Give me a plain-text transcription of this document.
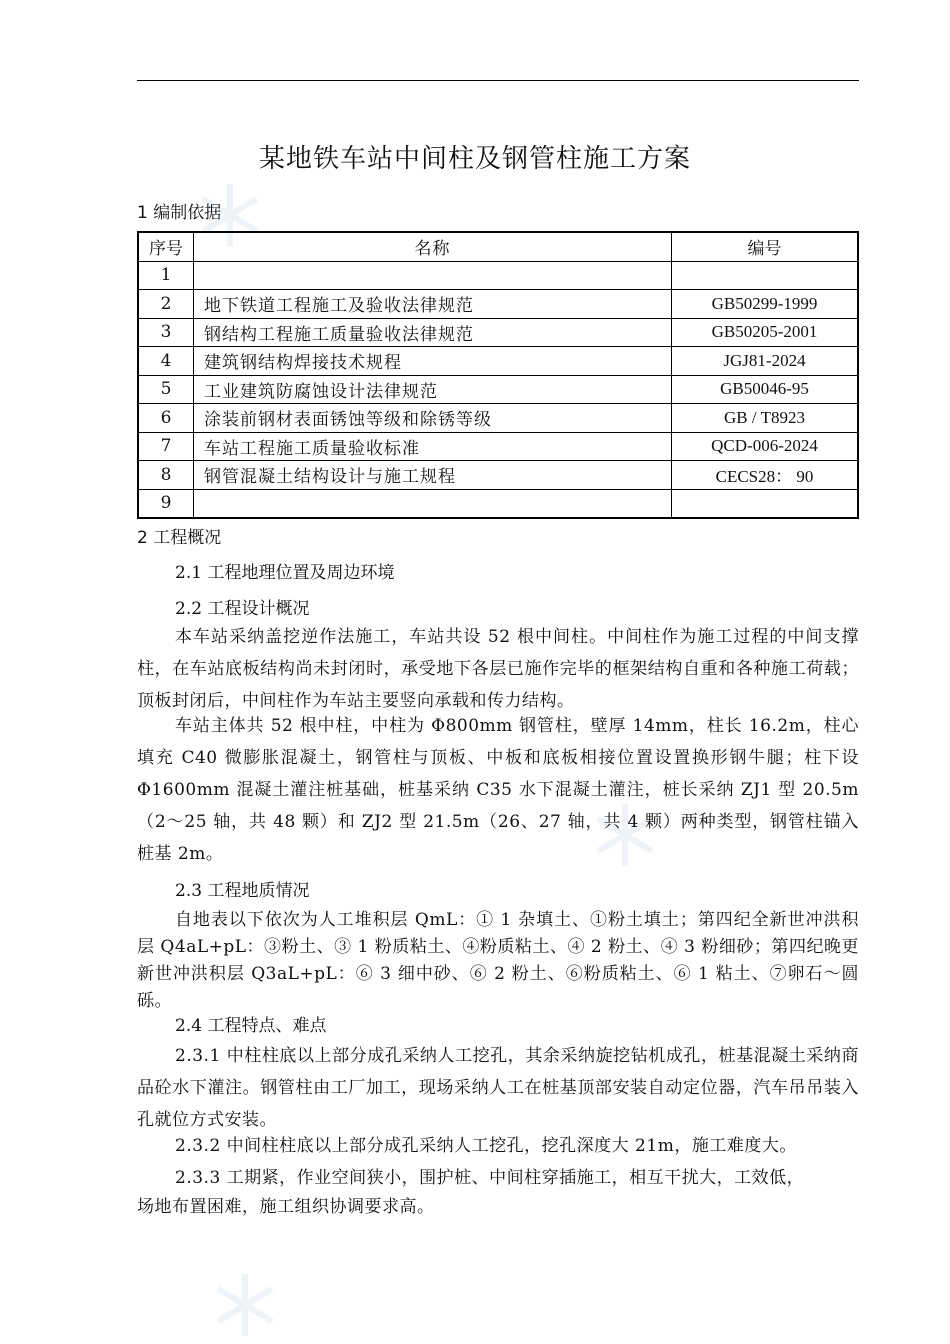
某地铁车站中间柱及钢管柱施工方案
1 编制依据
序号	名称	编号
1		
2	地下铁道工程施工及验收法律规范	GB50299-1999
3	钢结构工程施工质量验收法律规范	GB50205-2001
4	建筑钢结构焊接技术规程	JGJ81-2024
5	工业建筑防腐蚀设计法律规范	GB50046-95
6	涂装前钢材表面锈蚀等级和除锈等级	GB / T8923
7	车站工程施工质量验收标准	QCD-006-2024
8	钢管混凝土结构设计与施工规程	CECS28： 90
9		
2 工程概况
2.1 工程地理位置及周边环境
2.2 工程设计概况

本车站采纳盖挖逆作法施工，车站共设 52 根中间柱。中间柱作为施工过程的中间支撑柱，在车站底板结构尚未封闭时，承受地下各层已施作完毕的框架结构自重和各种施工荷载；顶板封闭后，中间柱作为车站主要竖向承载和传力结构。

车站主体共 52 根中柱，中柱为 Φ800mm 钢管柱，壁厚 14mm，柱长 16.2m，柱心填充 C40 微膨胀混凝土，钢管柱与顶板、中板和底板相接位置设置换形钢牛腿；柱下设 Φ1600mm 混凝土灌注桩基础，桩基采纳 C35 水下混凝土灌注，桩长采纳 ZJ1 型 20.5m（2～25 轴，共 48 颗）和 ZJ2 型 21.5m（26、27 轴，共 4 颗）两种类型，钢管柱锚入桩基 2m。

2.3 工程地质情况

自地表以下依次为人工堆积层 QmL：① 1 杂填土、①粉土填土；第四纪全新世冲洪积层 Q4aL+pL：③粉土、③ 1 粉质粘土、④粉质粘土、④ 2 粉土、④ 3 粉细砂；第四纪晚更新世冲洪积层 Q3aL+pL：⑥ 3 细中砂、⑥ 2 粉土、⑥粉质粘土、⑥ 1 粘土、⑦卵石～圆砾。

2.4 工程特点、难点

2.3.1 中柱柱底以上部分成孔采纳人工挖孔，其余采纳旋挖钻机成孔，桩基混凝土采纳商品砼水下灌注。钢管柱由工厂加工，现场采纳人工在桩基顶部安装自动定位器，汽车吊吊装入孔就位方式安装。

2.3.2 中间柱柱底以上部分成孔采纳人工挖孔，挖孔深度大 21m，施工难度大。

2.3.3 工期紧，作业空间狭小，围护桩、中间柱穿插施工，相互干扰大，工效低，

场地布置困难，施工组织协调要求高。
